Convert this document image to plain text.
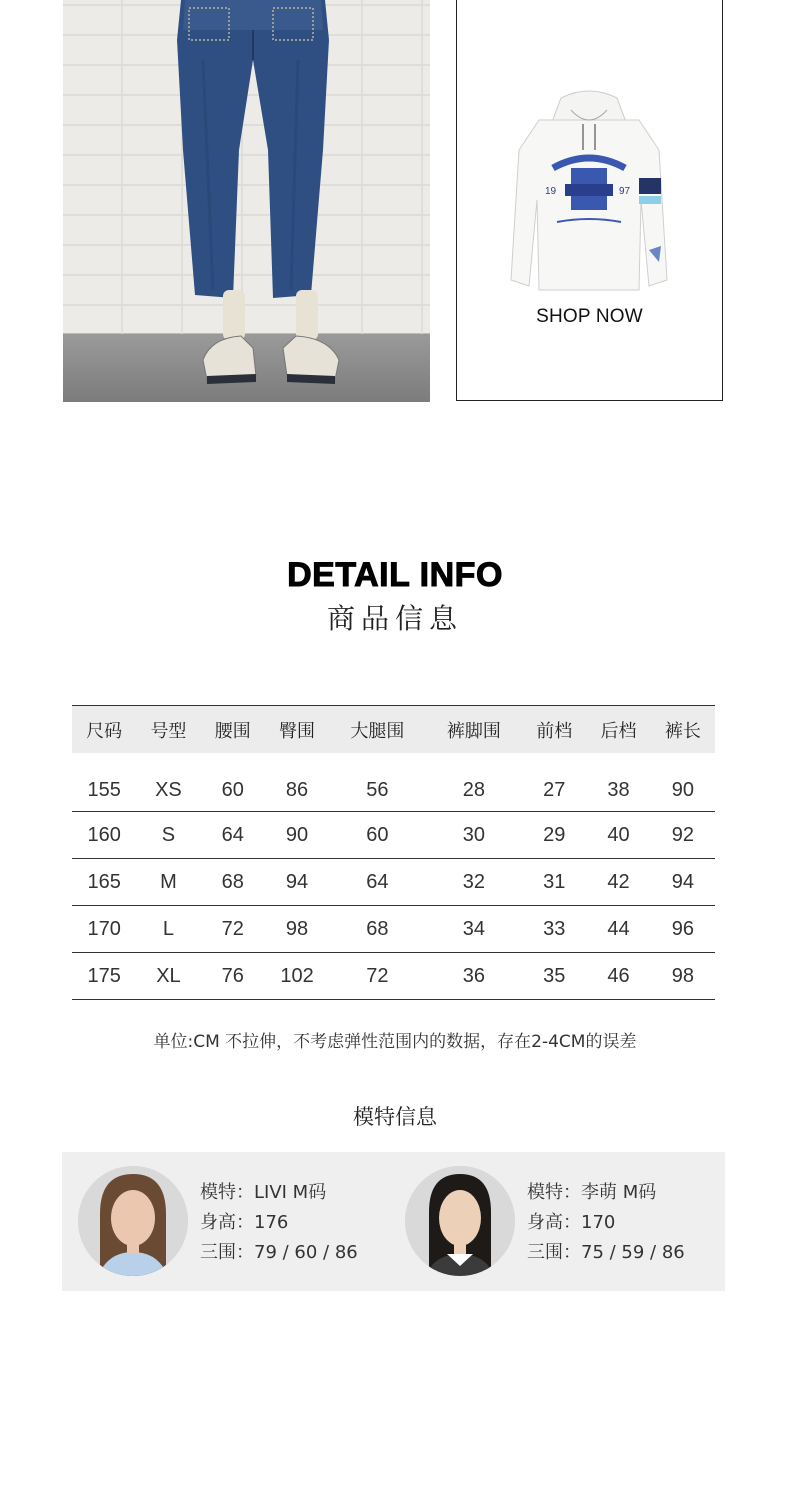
19	97
SHOP NOW
DETAIL INFO
商品信息
尺码	号型	腰围	臀围	大腿围	裤脚围	前档	后档	裤长

155	XS	60	86	56	28	27	38	90
160	S	64	90	60	30	29	40	92
165	M	68	94	64	32	31	42	94
170	L	72	98	68	34	33	44	96
175	XL	76	102	72	36	35	46	98
单位:CM 不拉伸，不考虑弹性范围内的数据，存在2-4CM的误差
模特信息
模特：LIVI M码
身高：176
三围：79 / 60 / 86
模特：李萌 M码
身高：170
三围：75 / 59 / 86
